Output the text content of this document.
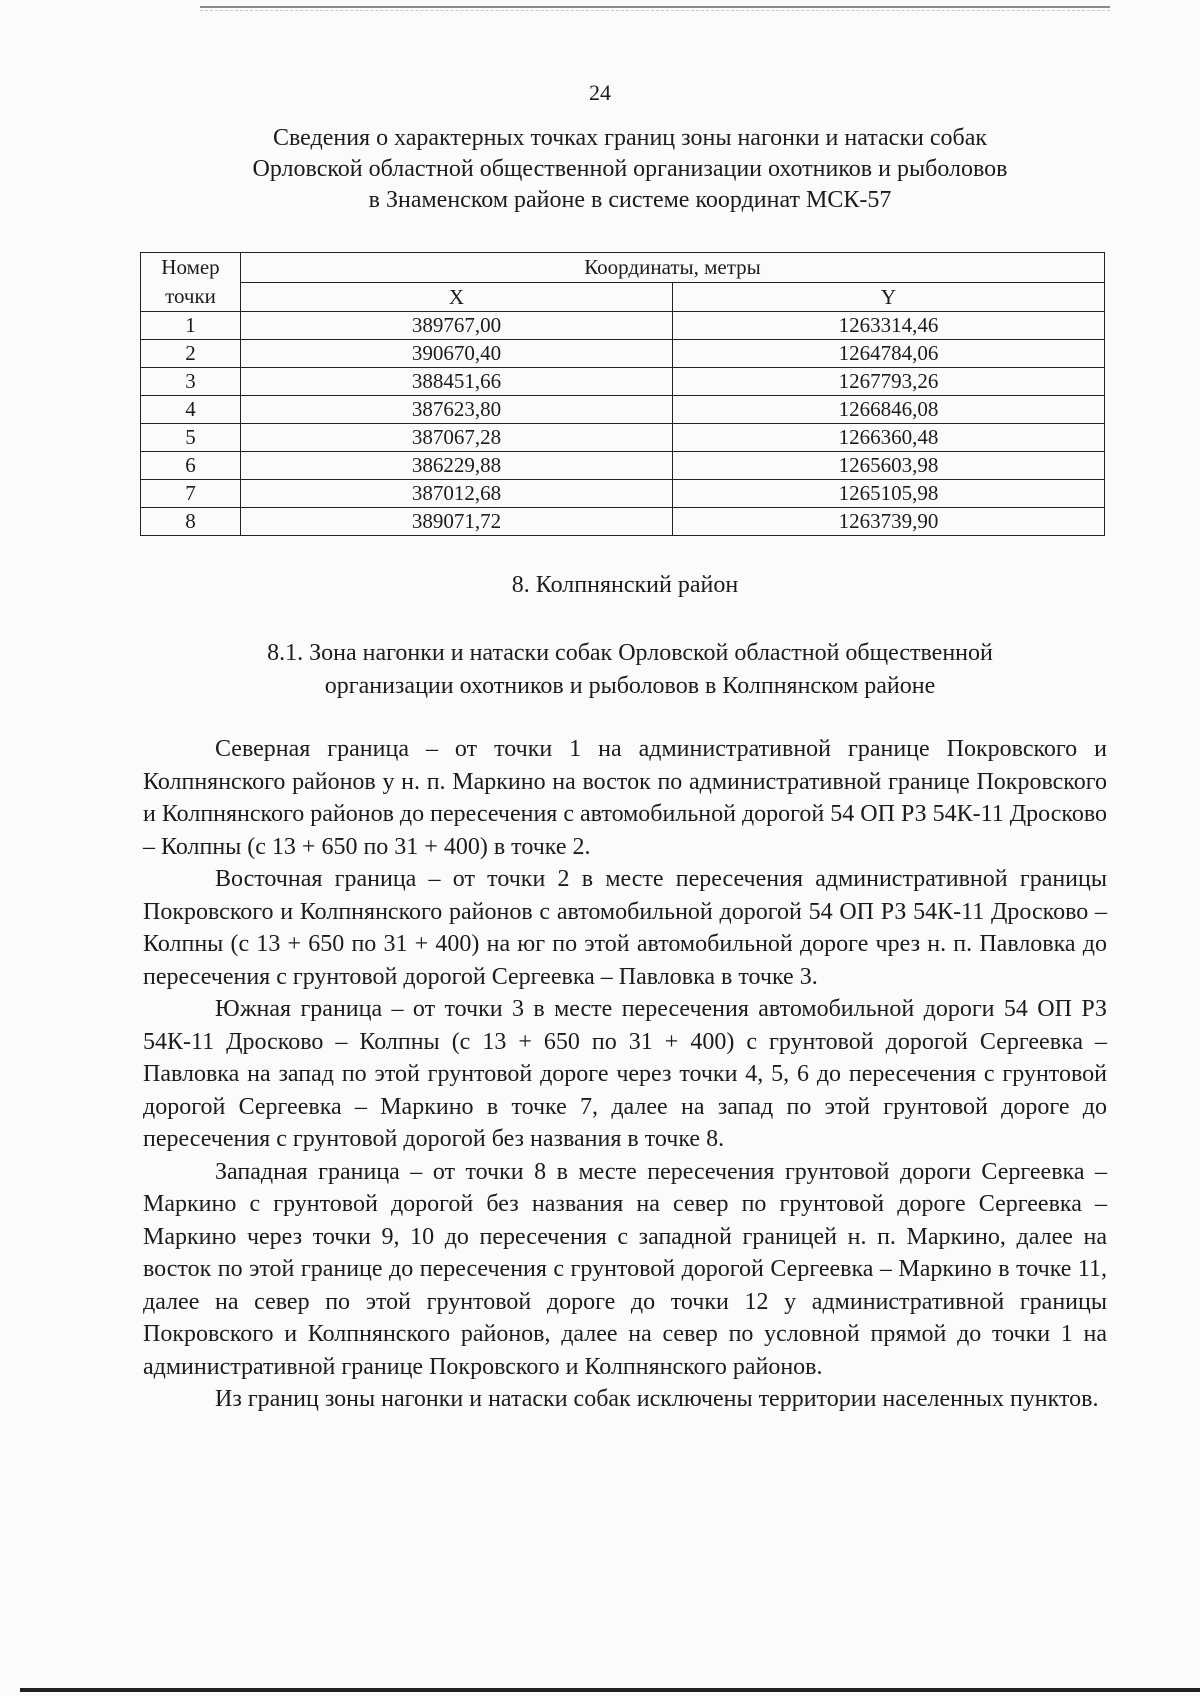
24
Сведения о характерных точках границ зоны нагонки и натаски собак
Орловской областной общественной организации охотников и рыболовов
в Знаменском районе в системе координат МСК-57
Номер	Координаты, метры	
точки	X	Y
1	389767,00	1263314,46
2	390670,40	1264784,06
3	388451,66	1267793,26
4	387623,80	1266846,08
5	387067,28	1266360,48
6	386229,88	1265603,98
7	387012,68	1265105,98
8	389071,72	1263739,90
8. Колпнянский район
8.1. Зона нагонки и натаски собак Орловской областной общественной
организации охотников и рыболовов в Колпнянском районе

Северная граница – от точки 1 на административной границе Покровского и Колпнянского районов у н. п. Маркино на восток по административной границе Покровского и Колпнянского районов до пересечения с автомобильной дорогой 54 ОП РЗ 54К-11 Дросково – Колпны (с 13 + 650 по 31 + 400) в точке 2.

Восточная граница – от точки 2 в месте пересечения административной границы Покровского и Колпнянского районов с автомобильной дорогой 54 ОП РЗ 54К-11 Дросково – Колпны (с 13 + 650 по 31 + 400) на юг по этой автомобильной дороге чрез н. п. Павловка до пересечения с грунтовой дорогой Сергеевка – Павловка в точке 3.

Южная граница – от точки 3 в месте пересечения автомобильной дороги 54 ОП РЗ 54К-11 Дросково – Колпны (с 13 + 650 по 31 + 400) с грунтовой дорогой Сергеевка – Павловка на запад по этой грунтовой дороге через точки 4, 5, 6 до пересечения с грунтовой дорогой Сергеевка – Маркино в точке 7, далее на запад по этой грунтовой дороге до пересечения с грунтовой дорогой без названия в точке 8.

Западная граница – от точки 8 в месте пересечения грунтовой дороги Сергеевка – Маркино с грунтовой дорогой без названия на север по грунтовой дороге Сергеевка – Маркино через точки 9, 10 до пересечения с западной границей н. п. Маркино, далее на восток по этой границе до пересечения с грунтовой дорогой Сергеевка – Маркино в точке 11, далее на север по этой грунтовой дороге до точки 12 у административной границы Покровского и Колпнянского районов, далее на север по условной прямой до точки 1 на административной границе Покровского и Колпнянского районов.

Из границ зоны нагонки и натаски собак исключены территории населенных пунктов.
